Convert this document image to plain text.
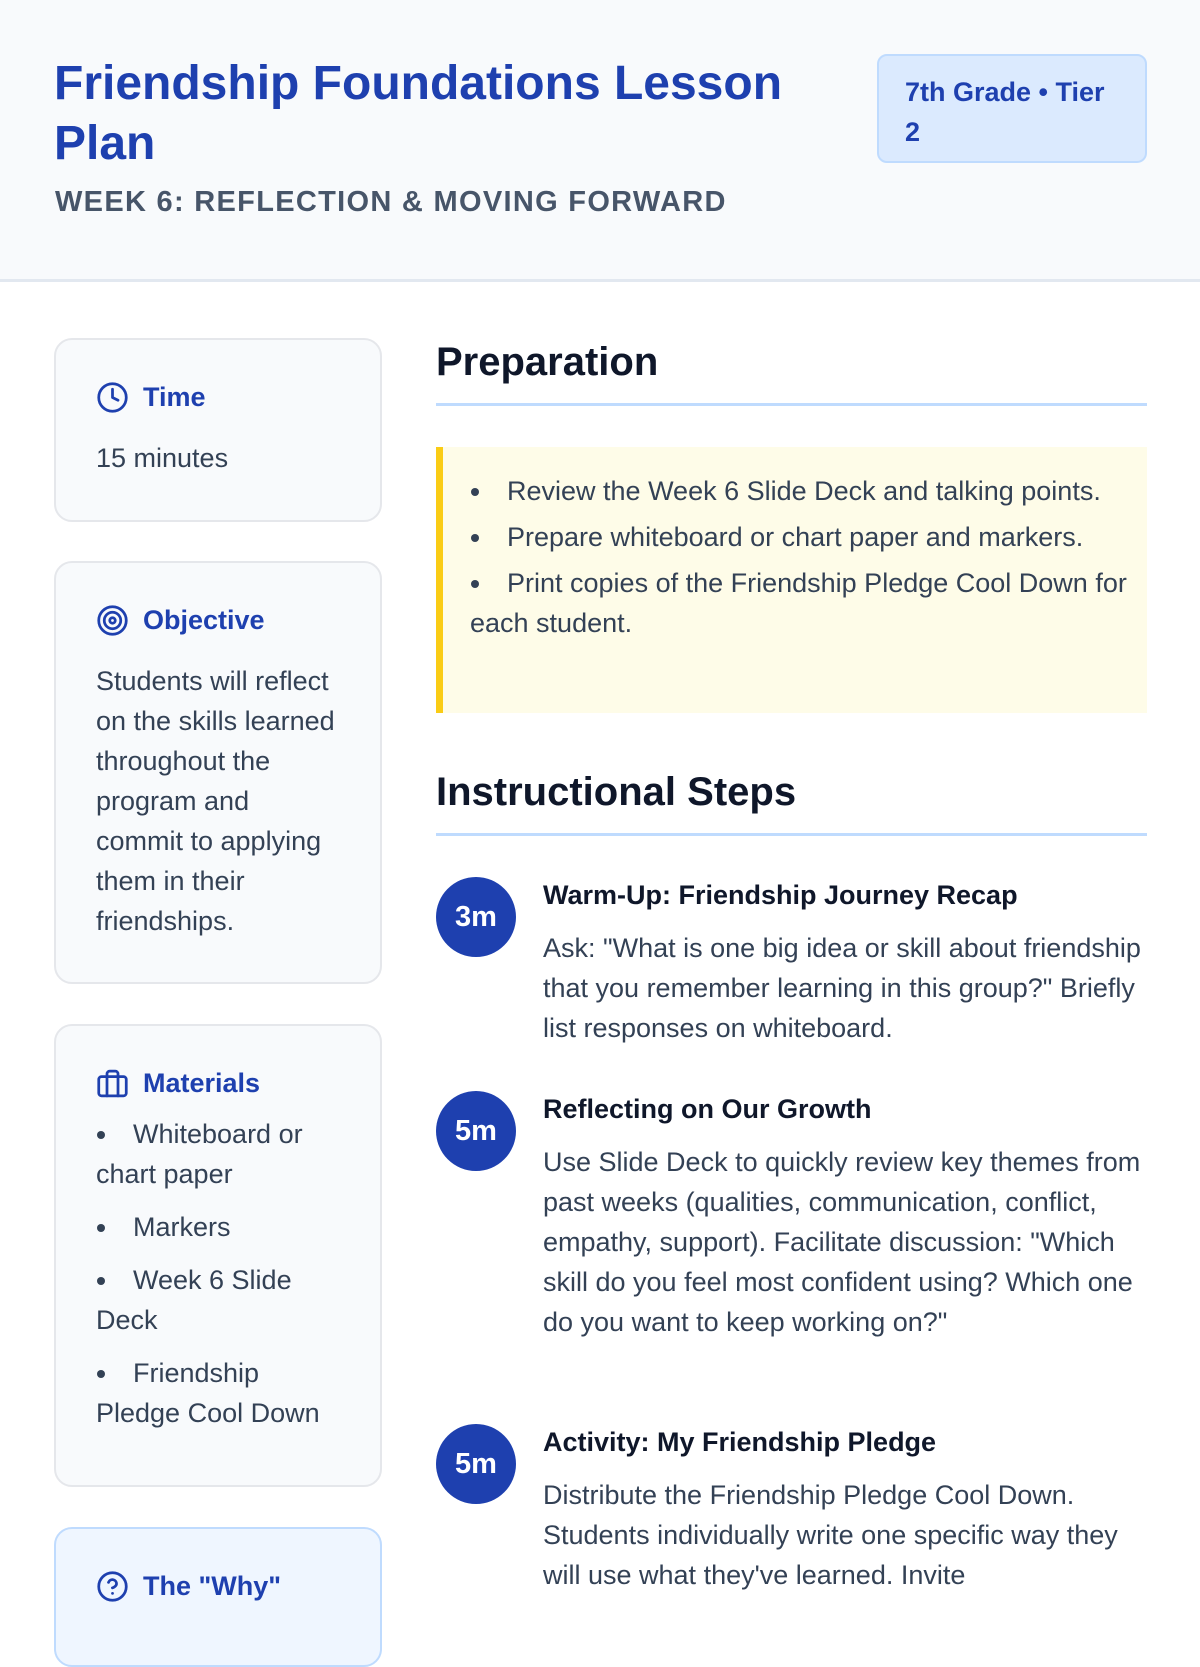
Friendship Foundations Lesson Plan
WEEK 6: REFLECTION & MOVING FORWARD
7th Grade • Tier 2
Time

15 minutes

Objective

Students will reflect on the skills learned throughout the program and commit to applying them in their friendships.

Materials
Whiteboard or chart paper
Markers
Week 6 Slide Deck
Friendship Pledge Cool Down
The "Why"
Preparation
Review the Week 6 Slide Deck and talking points.
Prepare whiteboard or chart paper and markers.
Print copies of the Friendship Pledge Cool Down for each student.
Instructional Steps
3m
Warm-Up: Friendship Journey Recap

Ask: "What is one big idea or skill about friendship that you remember learning in this group?" Briefly list responses on whiteboard.

5m
Reflecting on Our Growth

Use Slide Deck to quickly review key themes from past weeks (qualities, communication, conflict, empathy, support). Facilitate discussion: "Which skill do you feel most confident using? Which one do you want to keep working on?"

5m
Activity: My Friendship Pledge

Distribute the Friendship Pledge Cool Down. Students individually write one specific way they will use what they've learned. Invite
